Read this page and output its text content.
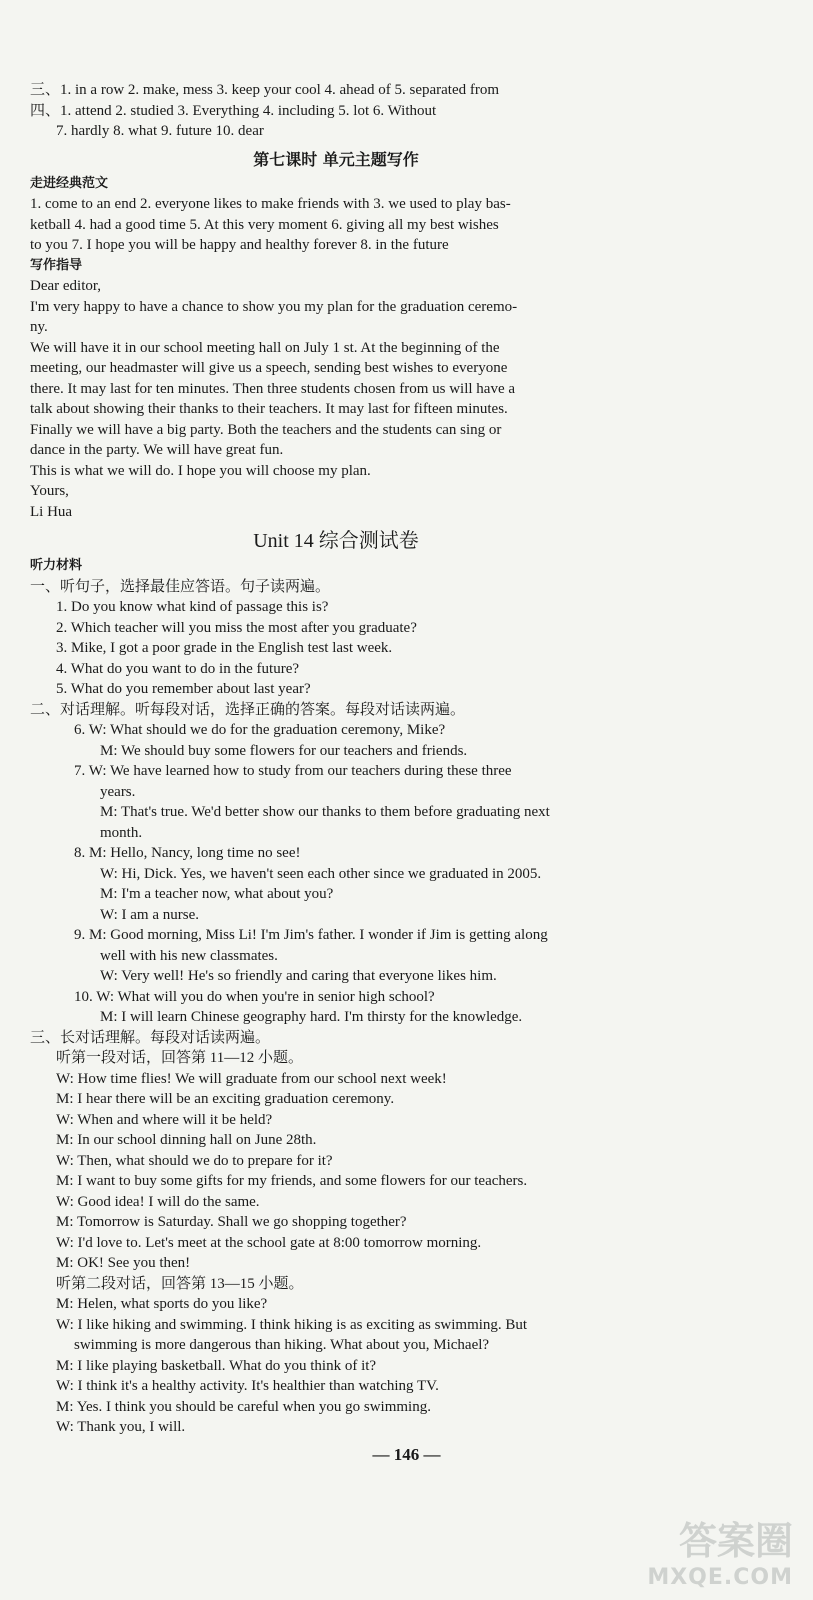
三、1. in a row 2. make, mess 3. keep your cool 4. ahead of 5. separated from
四、1. attend 2. studied 3. Everything 4. including 5. lot 6. Without
7. hardly 8. what 9. future 10. dear
第七课时 单元主题写作
走进经典范文
1. come to an end 2. everyone likes to make friends with 3. we used to play bas-
ketball 4. had a good time 5. At this very moment 6. giving all my best wishes
to you 7. I hope you will be happy and healthy forever 8. in the future
写作指导
Dear editor,
I'm very happy to have a chance to show you my plan for the graduation ceremo-
ny.
We will have it in our school meeting hall on July 1 st. At the beginning of the
meeting, our headmaster will give us a speech, sending best wishes to everyone
there. It may last for ten minutes. Then three students chosen from us will have a
talk about showing their thanks to their teachers. It may last for fifteen minutes.
Finally we will have a big party. Both the teachers and the students can sing or
dance in the party. We will have great fun.
This is what we will do. I hope you will choose my plan.
Yours,
Li Hua
Unit 14 综合测试卷
听力材料
一、听句子，选择最佳应答语。句子读两遍。
1. Do you know what kind of passage this is?
2. Which teacher will you miss the most after you graduate?
3. Mike, I got a poor grade in the English test last week.
4. What do you want to do in the future?
5. What do you remember about last year?
二、对话理解。听每段对话，选择正确的答案。每段对话读两遍。
6. W: What should we do for the graduation ceremony, Mike?
M: We should buy some flowers for our teachers and friends.
7. W: We have learned how to study from our teachers during these three
years.
M: That's true. We'd better show our thanks to them before graduating next
month.
8. M: Hello, Nancy, long time no see!
W: Hi, Dick. Yes, we haven't seen each other since we graduated in 2005.
M: I'm a teacher now, what about you?
W: I am a nurse.
9. M: Good morning, Miss Li! I'm Jim's father. I wonder if Jim is getting along
well with his new classmates.
W: Very well! He's so friendly and caring that everyone likes him.
10. W: What will you do when you're in senior high school?
M: I will learn Chinese geography hard. I'm thirsty for the knowledge.
三、长对话理解。每段对话读两遍。
听第一段对话，回答第 11—12 小题。
W: How time flies! We will graduate from our school next week!
M: I hear there will be an exciting graduation ceremony.
W: When and where will it be held?
M: In our school dinning hall on June 28th.
W: Then, what should we do to prepare for it?
M: I want to buy some gifts for my friends, and some flowers for our teachers.
W: Good idea! I will do the same.
M: Tomorrow is Saturday. Shall we go shopping together?
W: I'd love to. Let's meet at the school gate at 8:00 tomorrow morning.
M: OK! See you then!
听第二段对话，回答第 13—15 小题。
M: Helen, what sports do you like?
W: I like hiking and swimming. I think hiking is as exciting as swimming. But
swimming is more dangerous than hiking. What about you, Michael?
M: I like playing basketball. What do you think of it?
W: I think it's a healthy activity. It's healthier than watching TV.
M: Yes. I think you should be careful when you go swimming.
W: Thank you, I will.
— 146 —
答案圈
MXQE.COM
